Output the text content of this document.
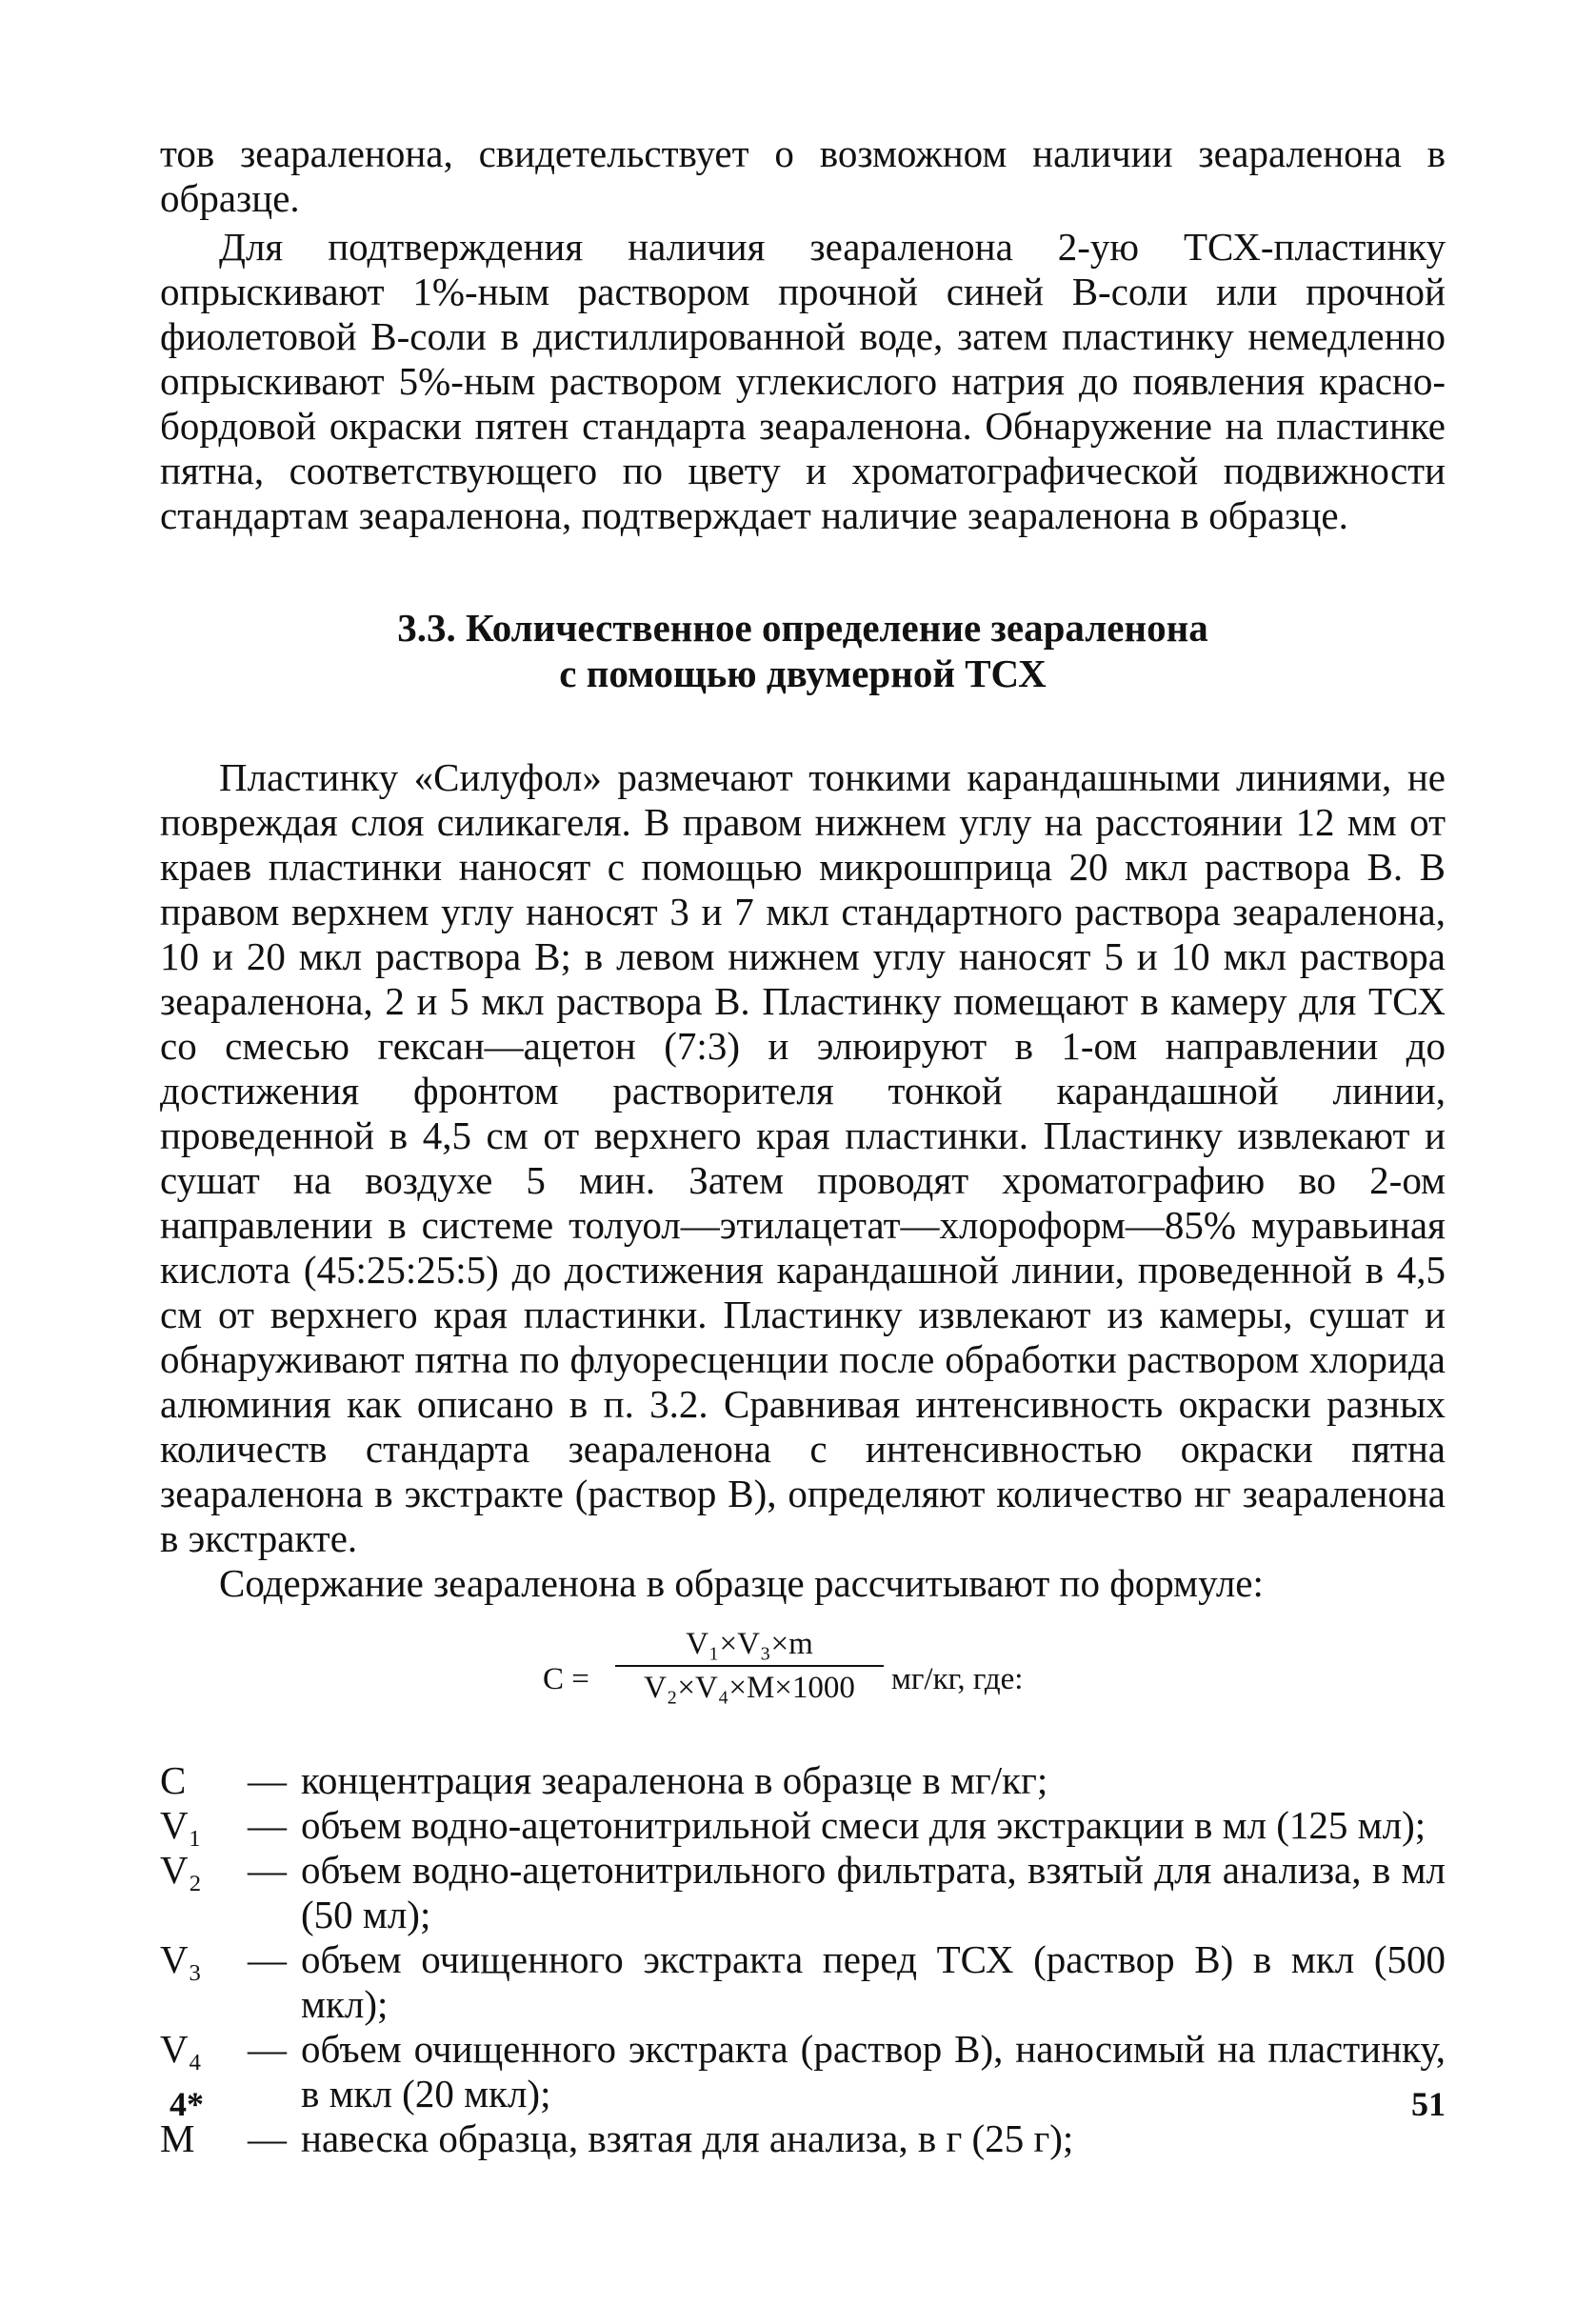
тов зеараленона, свидетельствует о возможном наличии зеараленона в образце.

Для подтверждения наличия зеараленона 2-ую ТСХ-пластинку опрыскивают 1%-ным раствором прочной синей В-соли или прочной фиолетовой В-соли в дистиллированной воде, затем пластинку немедленно опрыскивают 5%-ным раствором углекислого натрия до появления красно-бордовой окраски пятен стандарта зеараленона. Обнаружение на пластинке пятна, соответствующего по цвету и хроматографической подвижности стандартам зеараленона, подтверждает наличие зеараленона в образце.

3.3. Количественное определение зеараленона
с помощью двумерной ТСХ

Пластинку «Силуфол» размечают тонкими карандашными линиями, не повреждая слоя силикагеля. В правом нижнем углу на расстоянии 12 мм от краев пластинки наносят с помощью микрошприца 20 мкл раствора В. В правом верхнем углу наносят 3 и 7 мкл стандартного раствора зеараленона, 10 и 20 мкл раствора В; в левом нижнем углу наносят 5 и 10 мкл раствора зеараленона, 2 и 5 мкл раствора В. Пластинку помещают в камеру для ТСХ со смесью гексан—ацетон (7:3) и элюируют в 1-ом направлении до достижения фронтом растворителя тонкой карандашной линии, проведенной в 4,5 см от верхнего края пластинки. Пластинку извлекают и сушат на воздухе 5 мин. Затем проводят хроматографию во 2-ом направлении в системе толуол—этилацетат—хлороформ—85% муравьиная кислота (45:25:25:5) до достижения карандашной линии, проведенной в 4,5 см от верхнего края пластинки. Пластинку извлекают из камеры, сушат и обнаруживают пятна по флуоресценции после обработки раствором хлорида алюминия как описано в п. 3.2. Сравнивая интенсивность окраски разных количеств стандарта зеараленона с интенсивностью окраски пятна зеараленона в экстракте (раствор В), определяют количество нг зеараленона в экстракте.

Содержание зеараленона в образце рассчитывают по формуле:

$C = \frac{\text{V₁×V₃×m}}{\text{V₂×V₄×M×1000}} мг/кг$, где:
C	— концентрация зеараленона в образце в мг/кг;
V₁	— объем водно-ацетонитрильной смеси для экстракции в мл (125 мл);
V₂	— объем водно-ацетонитрильного фильтрата, взятый для анализа, в мл (50 мл);
V₃	— объем очищенного экстракта перед ТСХ (раствор В) в мкл (500 мкл);
V₄	— объем очищенного экстракта (раствор В), наносимый на пластинку, в мкл (20 мкл);
M	— навеска образца, взятая для анализа, в г (25 г);
4*	51
